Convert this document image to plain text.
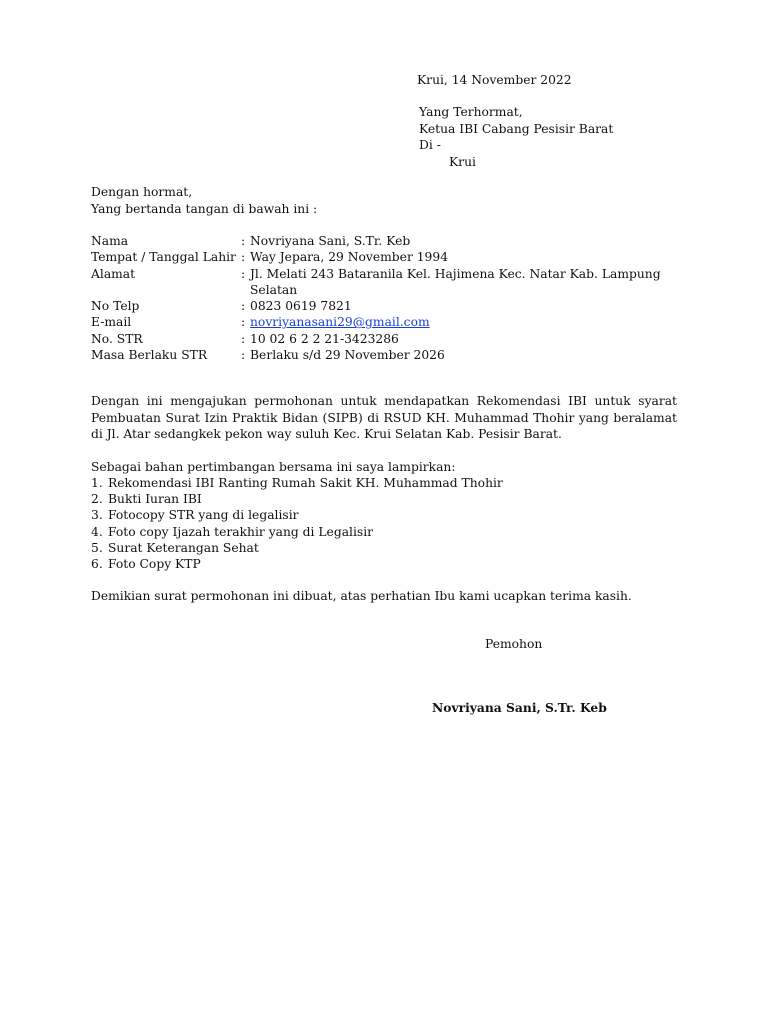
Krui, 14 November 2022
Yang Terhormat,
Ketua IBI Cabang Pesisir Barat
Di -
Krui
Dengan hormat,
Yang bertanda tangan di bawah ini :
Nama	: Novriyana Sani, S.Tr. Keb
Tempat / Tanggal Lahir : Way Jepara, 29 November 1994
Alamat	: Jl. Melati 243 Bataranila Kel. Hajimena Kec. Natar Kab. Lampung
Selatan
No Telp	: 0823 0619 7821
E-mail	: novriyanasani29@gmail.com
No. STR	: 10 02 6 2 2 21-3423286
Masa Berlaku STR	: Berlaku s/d 29 November 2026
Dengan ini mengajukan permohonan untuk mendapatkan Rekomendasi IBI untuk syarat Pembuatan Surat Izin Praktik Bidan (SIPB) di RSUD KH. Muhammad Thohir yang beralamat di Jl. Atar sedangkek pekon way suluh Kec. Krui Selatan Kab. Pesisir Barat.
Sebagai bahan pertimbangan bersama ini saya lampirkan:
1. Rekomendasi IBI Ranting Rumah Sakit KH. Muhammad Thohir
2. Bukti Iuran IBI
3. Fotocopy STR yang di legalisir
4. Foto copy Ijazah terakhir yang di Legalisir
5. Surat Keterangan Sehat
6. Foto Copy KTP
Demikian surat permohonan ini dibuat, atas perhatian Ibu kami ucapkan terima kasih.
Pemohon
Novriyana Sani, S.Tr. Keb
